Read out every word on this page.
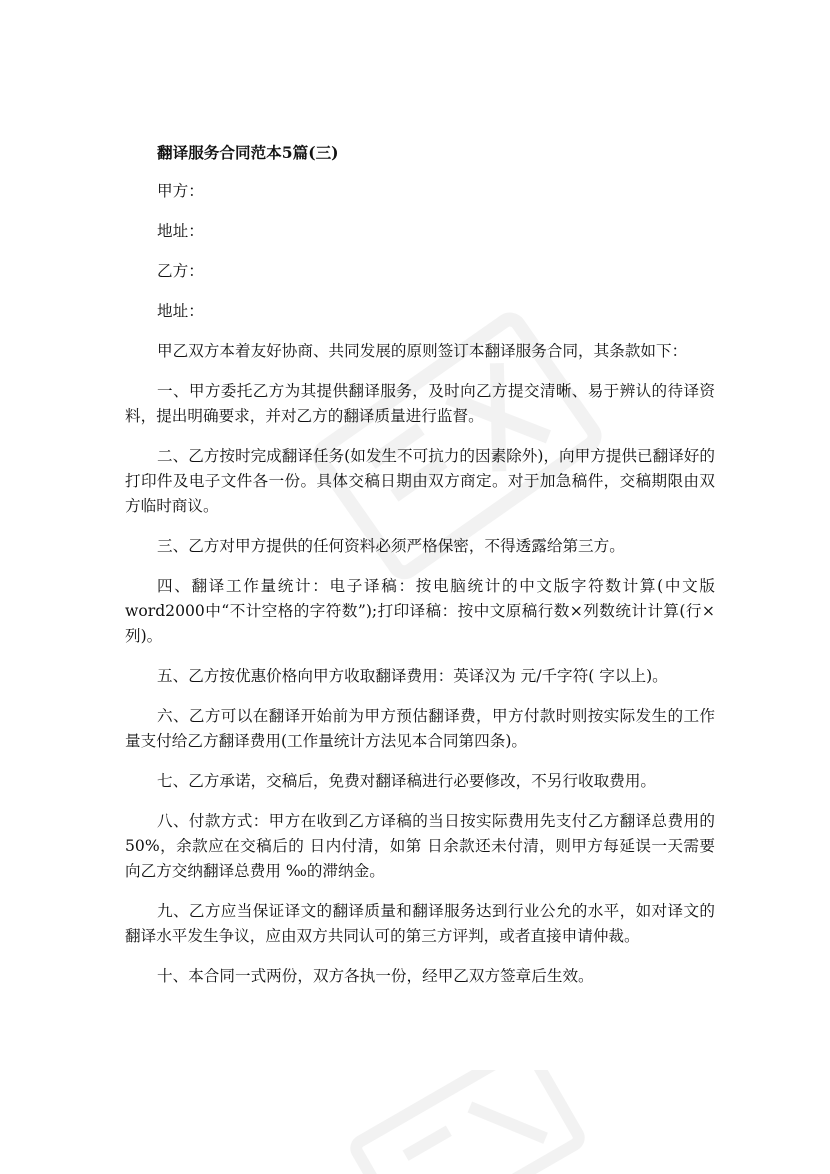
翻译服务合同范本5篇(三)
甲方：
地址：
乙方：
地址：

甲乙双方本着友好协商、共同发展的原则签订本翻译服务合同，其条款如下：

一、甲方委托乙方为其提供翻译服务，及时向乙方提交清晰、易于辨认的待译资料，提出明确要求，并对乙方的翻译质量进行监督。

二、乙方按时完成翻译任务(如发生不可抗力的因素除外)，向甲方提供已翻译好的打印件及电子文件各一份。具体交稿日期由双方商定。对于加急稿件，交稿期限由双方临时商议。

三、乙方对甲方提供的任何资料必须严格保密，不得透露给第三方。

四、翻译工作量统计：电子译稿：按电脑统计的中文版字符数计算(中文版word2000中“不计空格的字符数”);打印译稿：按中文原稿行数×列数统计计算(行×列)。

五、乙方按优惠价格向甲方收取翻译费用：英译汉为 元/千字符( 字以上)。

六、乙方可以在翻译开始前为甲方预估翻译费，甲方付款时则按实际发生的工作量支付给乙方翻译费用(工作量统计方法见本合同第四条)。

七、乙方承诺，交稿后，免费对翻译稿进行必要修改，不另行收取费用。

八、付款方式：甲方在收到乙方译稿的当日按实际费用先支付乙方翻译总费用的50%，余款应在交稿后的 日内付清，如第 日余款还未付清，则甲方每延误一天需要向乙方交纳翻译总费用 ‰的滞纳金。

九、乙方应当保证译文的翻译质量和翻译服务达到行业公允的水平，如对译文的翻译水平发生争议，应由双方共同认可的第三方评判，或者直接申请仲裁。

十、本合同一式两份，双方各执一份，经甲乙双方签章后生效。
